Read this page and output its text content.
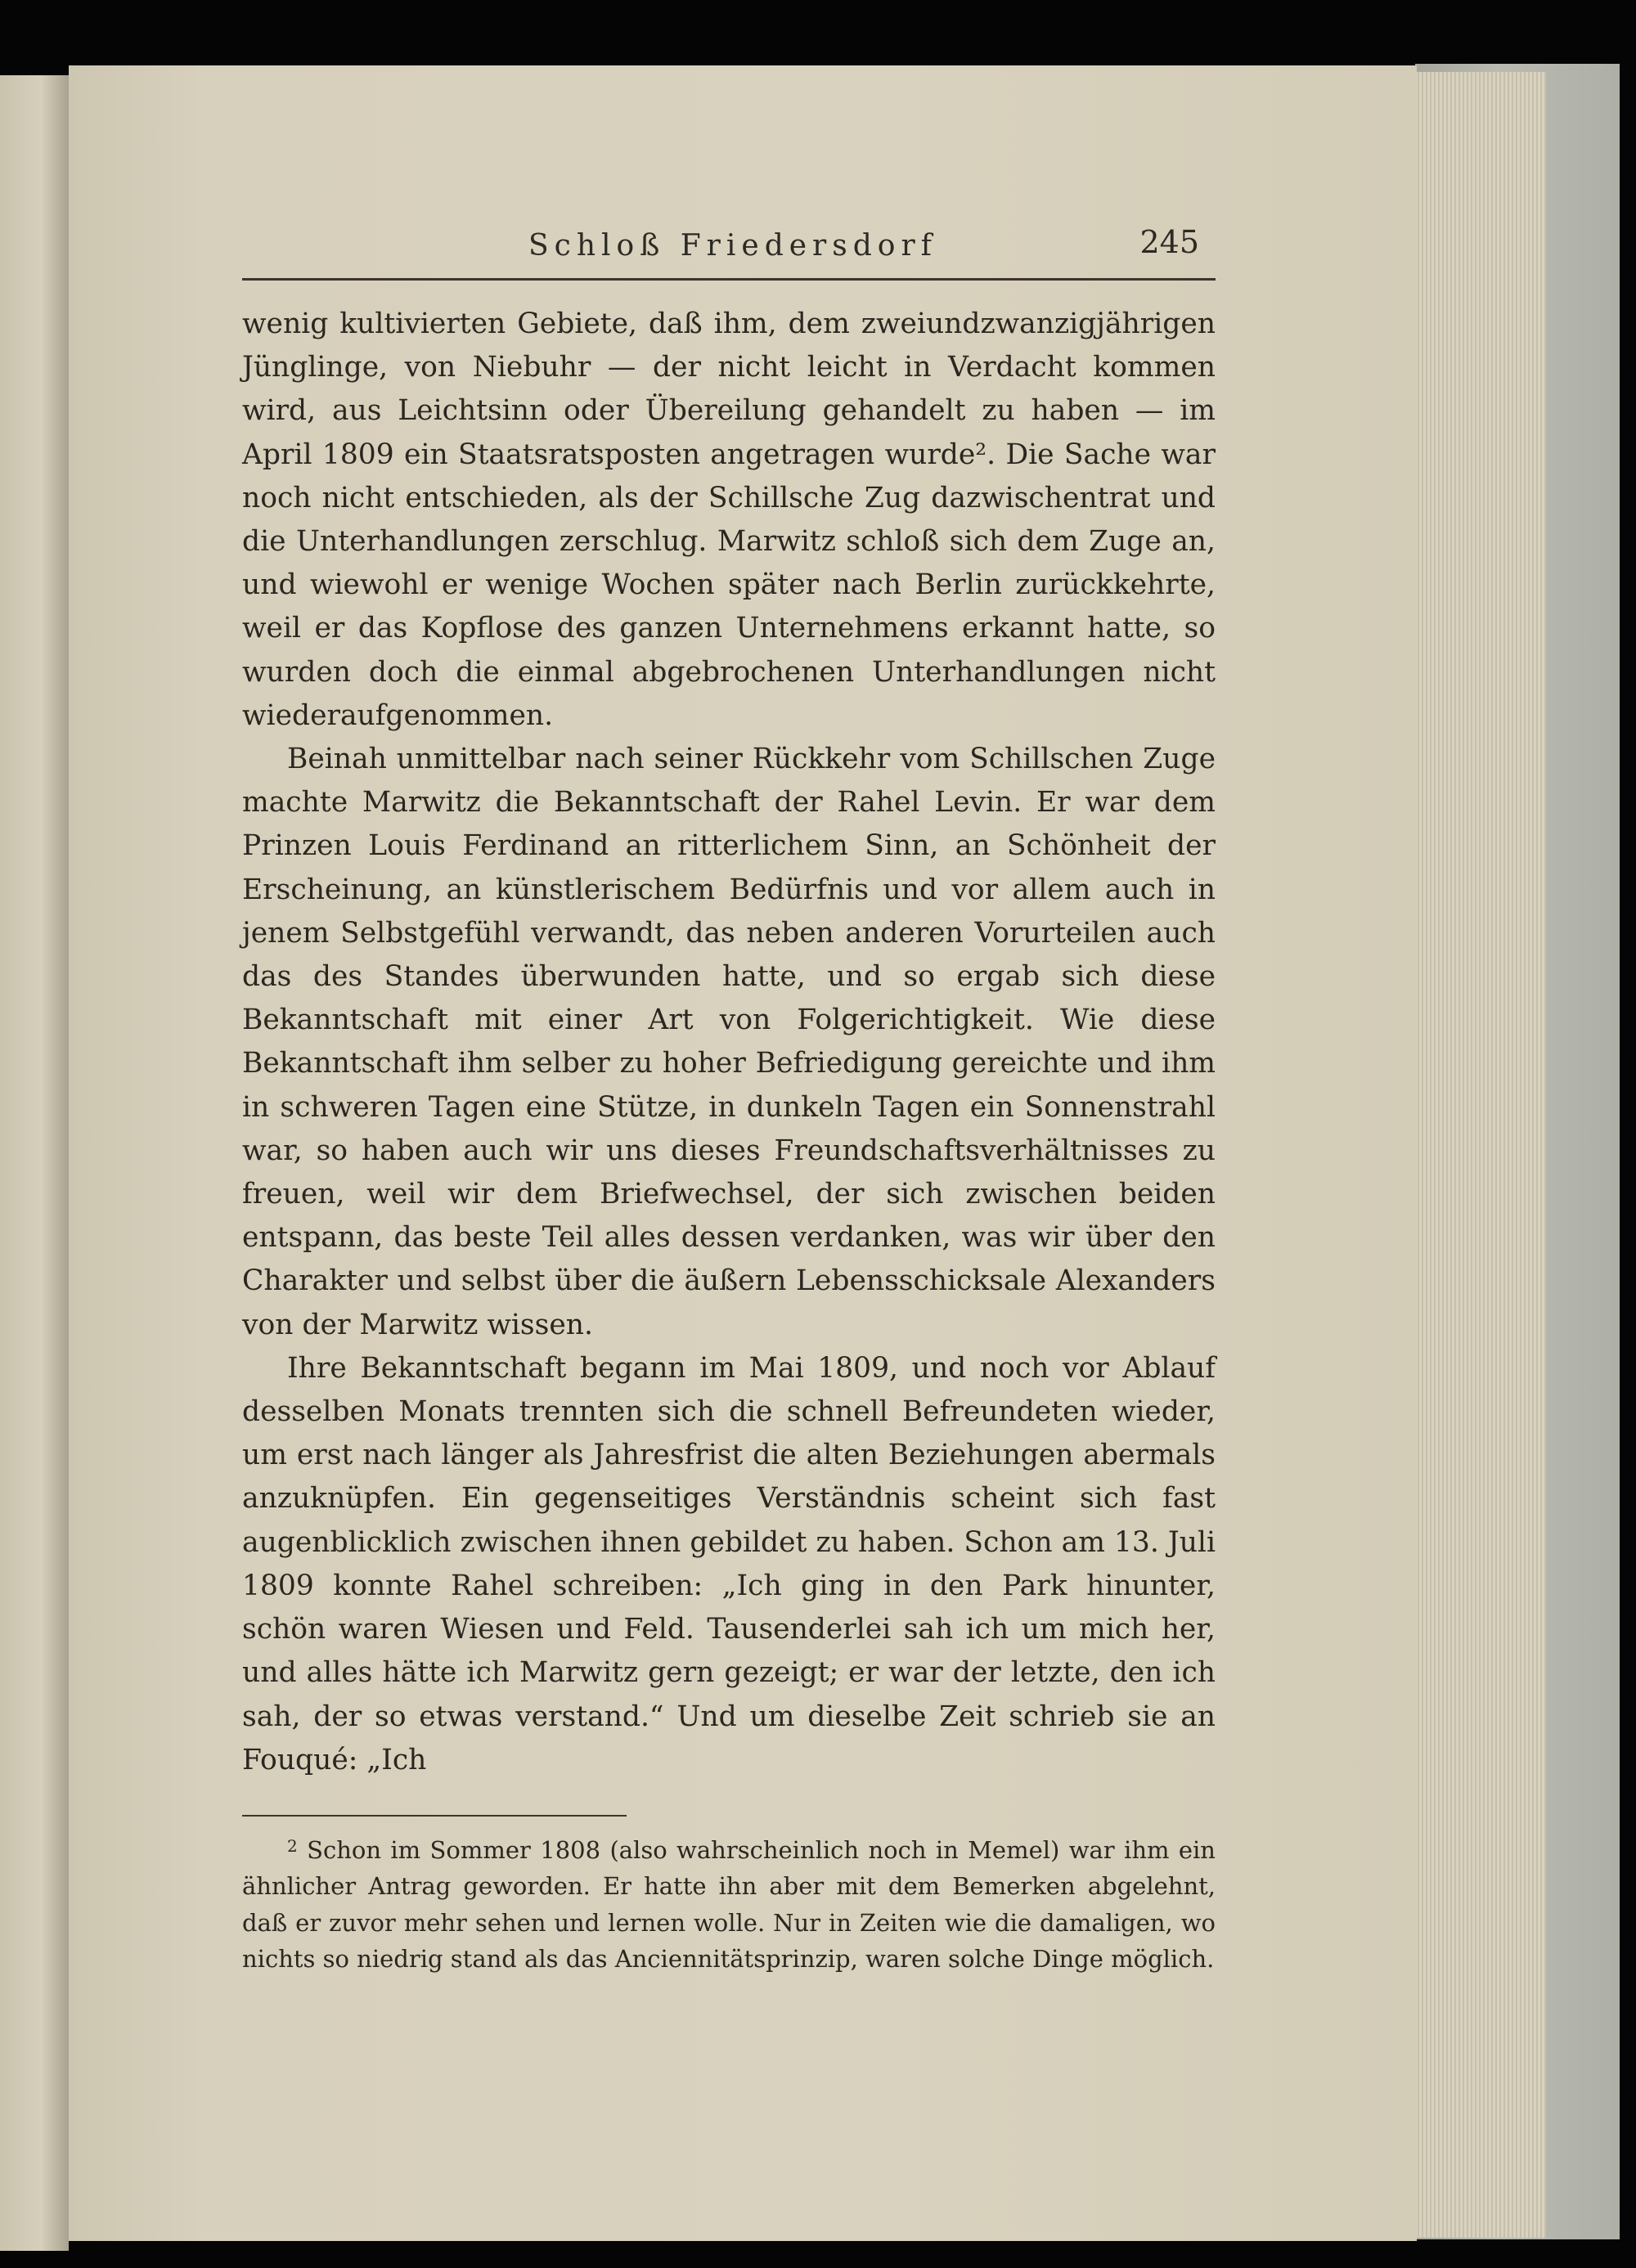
Schloß Friedersdorf	245

wenig kultivierten Gebiete, daß ihm, dem zweiundzwanzigjährigen Jünglinge, von Niebuhr — der nicht leicht in Verdacht kommen wird, aus Leichtsinn oder Übereilung gehandelt zu haben — im April 1809 ein Staatsratsposten angetragen wurde². Die Sache war noch nicht entschieden, als der Schillsche Zug dazwischentrat und die Unterhandlungen zerschlug. Marwitz schloß sich dem Zuge an, und wiewohl er wenige Wochen später nach Berlin zurückkehrte, weil er das Kopflose des ganzen Unternehmens erkannt hatte, so wurden doch die einmal abgebrochenen Unterhandlungen nicht wiederaufgenommen.

Beinah unmittelbar nach seiner Rückkehr vom Schillschen Zuge machte Marwitz die Bekanntschaft der Rahel Levin. Er war dem Prinzen Louis Ferdinand an ritterlichem Sinn, an Schönheit der Erscheinung, an künstlerischem Bedürfnis und vor allem auch in jenem Selbstgefühl verwandt, das neben anderen Vorurteilen auch das des Standes überwunden hatte, und so ergab sich diese Bekanntschaft mit einer Art von Folgerichtigkeit. Wie diese Bekanntschaft ihm selber zu hoher Befriedigung gereichte und ihm in schweren Tagen eine Stütze, in dunkeln Tagen ein Sonnenstrahl war, so haben auch wir uns dieses Freundschaftsverhältnisses zu freuen, weil wir dem Briefwechsel, der sich zwischen beiden entspann, das beste Teil alles dessen verdanken, was wir über den Charakter und selbst über die äußern Lebensschicksale Alexanders von der Marwitz wissen.

Ihre Bekanntschaft begann im Mai 1809, und noch vor Ablauf desselben Monats trennten sich die schnell Befreundeten wieder, um erst nach länger als Jahresfrist die alten Beziehungen abermals anzuknüpfen. Ein gegenseitiges Verständnis scheint sich fast augenblicklich zwischen ihnen gebildet zu haben. Schon am 13. Juli 1809 konnte Rahel schreiben: „Ich ging in den Park hinunter, schön waren Wiesen und Feld. Tausenderlei sah ich um mich her, und alles hätte ich Marwitz gern gezeigt; er war der letzte, den ich sah, der so etwas verstand.“ Und um dieselbe Zeit schrieb sie an Fouqué: „Ich

$^2$ Schon im Sommer 1808 (also wahrscheinlich noch in Memel) war ihm ein ähnlicher Antrag geworden. Er hatte ihn aber mit dem Bemerken abgelehnt, daß er zuvor mehr sehen und lernen wolle. Nur in Zeiten wie die damaligen, wo nichts so niedrig stand als das Anciennitätsprinzip, waren solche Dinge möglich.
